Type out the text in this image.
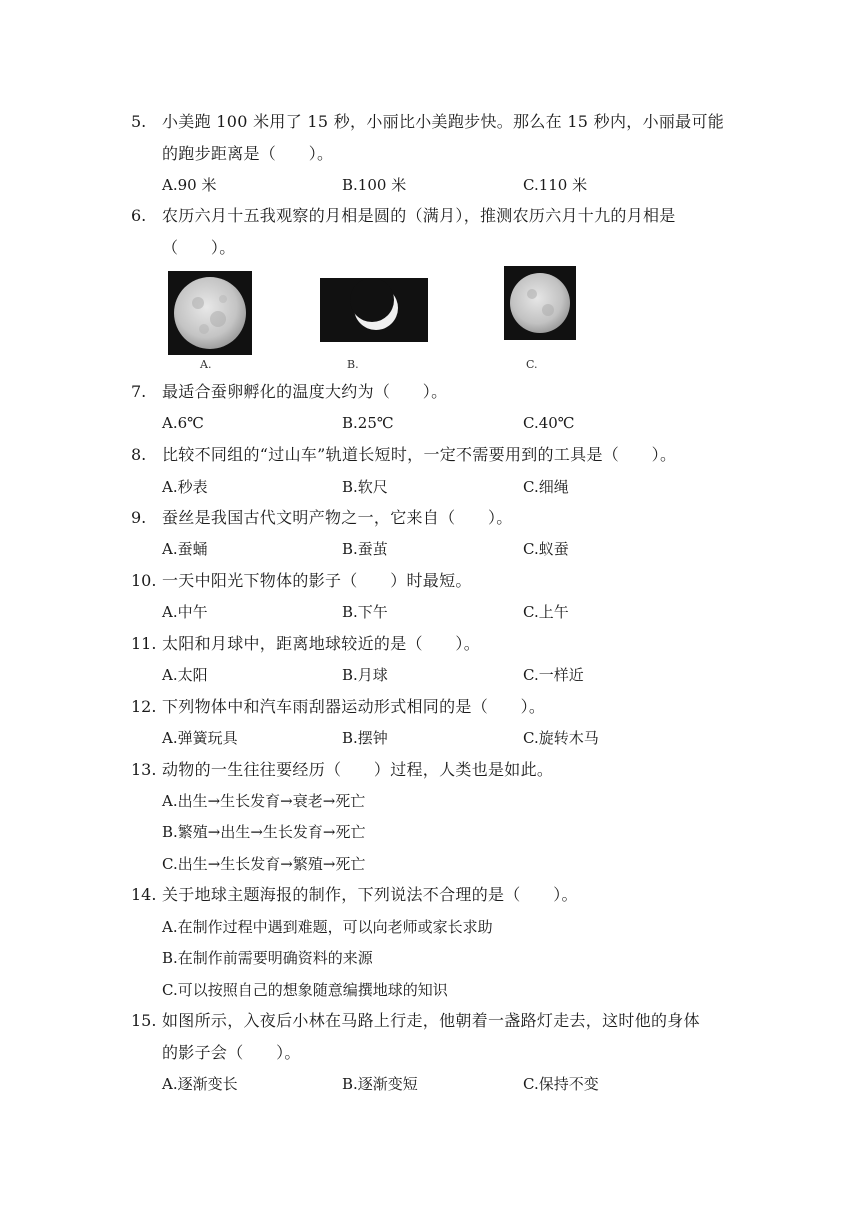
5. 小美跑 100 米用了 15 秒，小丽比小美跑步快。那么在 15 秒内，小丽最可能
的跑步距离是（　　）。
A.90 米	B.100 米	C.110 米
6. 农历六月十五我观察的月相是圆的（满月），推测农历六月十九的月相是
（　　）。
A.	B.	C.
7. 最适合蚕卵孵化的温度大约为（　　）。
A.6℃	B.25℃	C.40℃
8. 比较不同组的“过山车”轨道长短时，一定不需要用到的工具是（　　）。
A.秒表	B.软尺	C.细绳
9. 蚕丝是我国古代文明产物之一，它来自（　　）。
A.蚕蛹	B.蚕茧	C.蚁蚕
10. 一天中阳光下物体的影子（　　）时最短。
A.中午	B.下午	C.上午
11. 太阳和月球中，距离地球较近的是（　　）。
A.太阳	B.月球	C.一样近
12. 下列物体中和汽车雨刮器运动形式相同的是（　　）。
A.弹簧玩具	B.摆钟	C.旋转木马
13. 动物的一生往往要经历（　　）过程，人类也是如此。
A.出生→生长发育→衰老→死亡
B.繁殖→出生→生长发育→死亡
C.出生→生长发育→繁殖→死亡
14. 关于地球主题海报的制作，下列说法不合理的是（　　）。
A.在制作过程中遇到难题，可以向老师或家长求助
B.在制作前需要明确资料的来源
C.可以按照自己的想象随意编撰地球的知识
15. 如图所示，入夜后小林在马路上行走，他朝着一盏路灯走去，这时他的身体
的影子会（　　）。
A.逐渐变长	B.逐渐变短	C.保持不变
